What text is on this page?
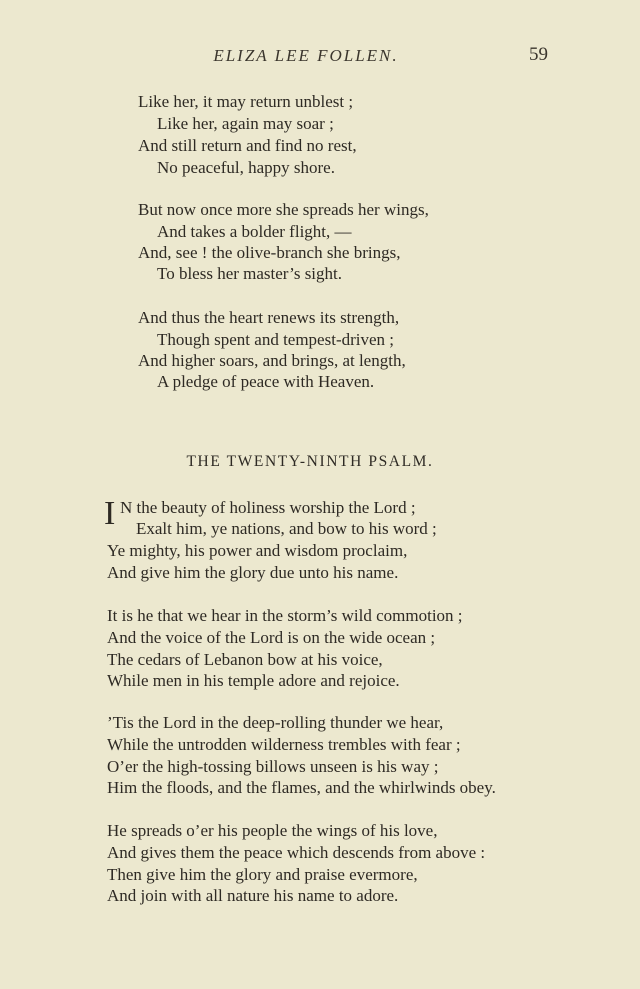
ELIZA LEE FOLLEN.	59
Like her, it may return unblest ;
Like her, again may soar ;
And still return and find no rest,
No peaceful, happy shore.
But now once more she spreads her wings,
And takes a bolder flight, —
And, see ! the olive-branch she brings,
To bless her master’s sight.
And thus the heart renews its strength,
Though spent and tempest-driven ;
And higher soars, and brings, at length,
A pledge of peace with Heaven.
THE TWENTY-NINTH PSALM.
I N the beauty of holiness worship the Lord ;
Exalt him, ye nations, and bow to his word ;
Ye mighty, his power and wisdom proclaim,
And give him the glory due unto his name.
It is he that we hear in the storm’s wild commotion ;
And the voice of the Lord is on the wide ocean ;
The cedars of Lebanon bow at his voice,
While men in his temple adore and rejoice.
’Tis the Lord in the deep-rolling thunder we hear,
While the untrodden wilderness trembles with fear ;
O’er the high-tossing billows unseen is his way ;
Him the floods, and the flames, and the whirlwinds obey.
He spreads o’er his people the wings of his love,
And gives them the peace which descends from above :
Then give him the glory and praise evermore,
And join with all nature his name to adore.
